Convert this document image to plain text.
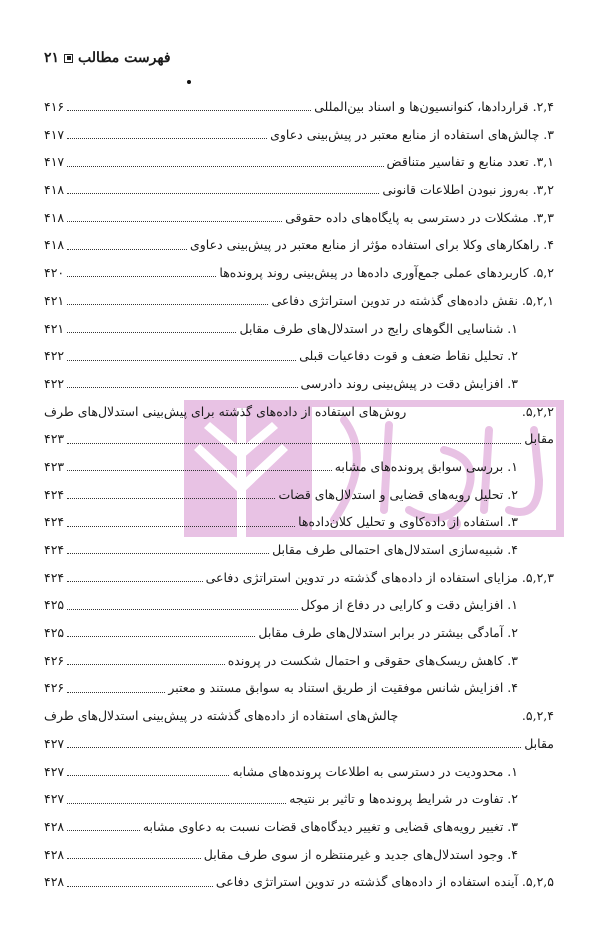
فهرست مطالب
۲۱
۲,۴.
قراردادها، کنوانسیون‌ها و اسناد بین‌المللی
۴۱۶
۳.
چالش‌های استفاده از منابع معتبر در پیش‌بینی دعاوی
۴۱۷
۳,۱.
تعدد منابع و تفاسیر متناقض
۴۱۷
۳,۲.
به‌روز نبودن اطلاعات قانونی
۴۱۸
۳,۳.
مشکلات در دسترسی به پایگاه‌های داده حقوقی
۴۱۸
۴.
راهکارهای وکلا برای استفاده مؤثر از منابع معتبر در پیش‌بینی دعاوی
۴۱۸
۵,۲.
کاربردهای عملی جمع‌آوری داده‌ها در پیش‌بینی روند پرونده‌ها
۴۲۰
۵,۲,۱.
نقش داده‌های گذشته در تدوین استراتژی دفاعی
۴۲۱
۱.
شناسایی الگوهای رایج در استدلال‌های طرف مقابل
۴۲۱
۲.
تحلیل نقاط ضعف و قوت دفاعیات قبلی
۴۲۲
۳.
افزایش دقت در پیش‌بینی روند دادرسی
۴۲۲
۵,۲,۲.
روش‌های استفاده از داده‌های گذشته برای پیش‌بینی استدلال‌های طرف
مقابل
۴۲۳
۱.
بررسی سوابق پرونده‌های مشابه
۴۲۳
۲.
تحلیل رویه‌های قضایی و استدلال‌های قضات
۴۲۴
۳.
استفاده از داده‌کاوی و تحلیل کلان‌داده‌ها
۴۲۴
۴.
شبیه‌سازی استدلال‌های احتمالی طرف مقابل
۴۲۴
۵,۲,۳.
مزایای استفاده از داده‌های گذشته در تدوین استراتژی دفاعی
۴۲۴
۱.
افزایش دقت و کارایی در دفاع از موکل
۴۲۵
۲.
آمادگی بیشتر در برابر استدلال‌های طرف مقابل
۴۲۵
۳.
کاهش ریسک‌های حقوقی و احتمال شکست در پرونده
۴۲۶
۴.
افزایش شانس موفقیت از طریق استناد به سوابق مستند و معتبر
۴۲۶
۵,۲,۴.
چالش‌های استفاده از داده‌های گذشته در پیش‌بینی استدلال‌های طرف
مقابل
۴۲۷
۱.
محدودیت در دسترسی به اطلاعات پرونده‌های مشابه
۴۲۷
۲.
تفاوت در شرایط پرونده‌ها و تاثیر بر نتیجه
۴۲۷
۳.
تغییر رویه‌های قضایی و تغییر دیدگاه‌های قضات نسبت به دعاوی مشابه
۴۲۸
۴.
وجود استدلال‌های جدید و غیرمنتظره از سوی طرف مقابل
۴۲۸
۵,۲,۵.
آینده استفاده از داده‌های گذشته در تدوین استراتژی دفاعی
۴۲۸
